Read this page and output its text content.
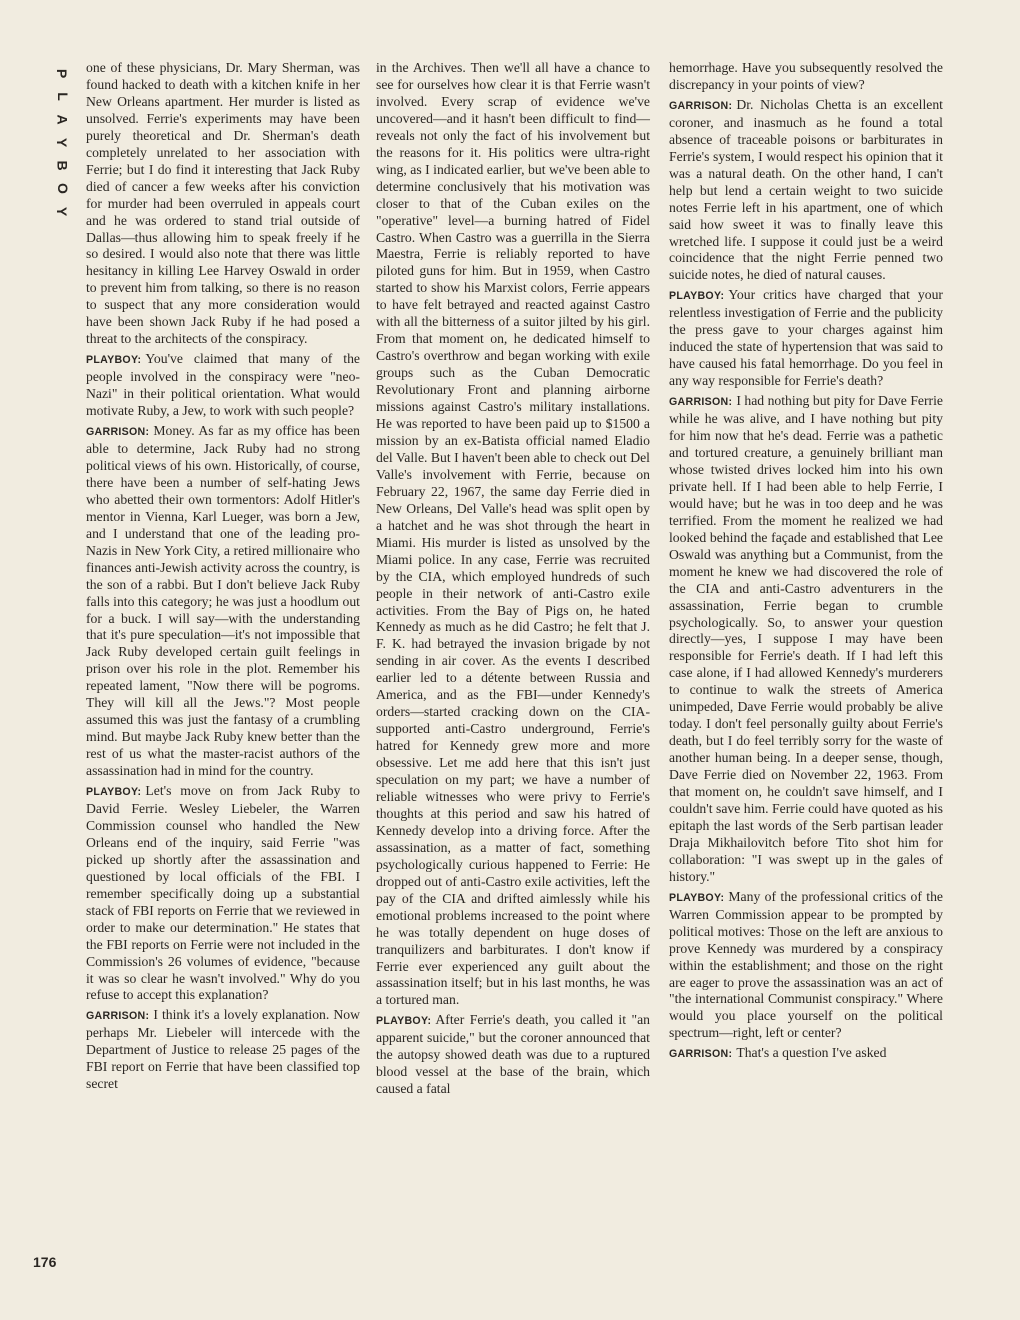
P
L
A
Y
B
O
Y

one of these physicians, Dr. Mary Sherman, was found hacked to death with a kitchen knife in her New Orleans apartment. Her murder is listed as unsolved. Ferrie's experiments may have been purely theoretical and Dr. Sherman's death completely unrelated to her association with Ferrie; but I do find it interesting that Jack Ruby died of cancer a few weeks after his conviction for murder had been overruled in appeals court and he was ordered to stand trial outside of Dallas—thus allowing him to speak freely if he so desired. I would also note that there was little hesitancy in killing Lee Harvey Oswald in order to prevent him from talking, so there is no reason to suspect that any more consideration would have been shown Jack Ruby if he had posed a threat to the architects of the conspiracy.

PLAYBOY: You've claimed that many of the people involved in the conspiracy were "neo-Nazi" in their political orientation. What would motivate Ruby, a Jew, to work with such people?

GARRISON: Money. As far as my office has been able to determine, Jack Ruby had no strong political views of his own. Historically, of course, there have been a number of self-hating Jews who abetted their own tormentors: Adolf Hitler's mentor in Vienna, Karl Lueger, was born a Jew, and I understand that one of the leading pro-Nazis in New York City, a retired millionaire who finances anti-Jewish activity across the country, is the son of a rabbi. But I don't believe Jack Ruby falls into this category; he was just a hoodlum out for a buck. I will say—with the understanding that it's pure speculation—it's not impossible that Jack Ruby developed certain guilt feelings in prison over his role in the plot. Remember his repeated lament, "Now there will be pogroms. They will kill all the Jews."? Most people assumed this was just the fantasy of a crumbling mind. But maybe Jack Ruby knew better than the rest of us what the master-racist authors of the assassination had in mind for the country.

PLAYBOY: Let's move on from Jack Ruby to David Ferrie. Wesley Liebeler, the Warren Commission counsel who handled the New Orleans end of the inquiry, said Ferrie "was picked up shortly after the assassination and questioned by local officials of the FBI. I remember specifically doing up a substantial stack of FBI reports on Ferrie that we reviewed in order to make our determination." He states that the FBI reports on Ferrie were not included in the Commission's 26 volumes of evidence, "because it was so clear he wasn't involved." Why do you refuse to accept this explanation?

GARRISON: I think it's a lovely explanation. Now perhaps Mr. Liebeler will intercede with the Department of Justice to release 25 pages of the FBI report on Ferrie that have been classified top secret

in the Archives. Then we'll all have a chance to see for ourselves how clear it is that Ferrie wasn't involved. Every scrap of evidence we've uncovered—and it hasn't been difficult to find—reveals not only the fact of his involvement but the reasons for it. His politics were ultra-right wing, as I indicated earlier, but we've been able to determine conclusively that his motivation was closer to that of the Cuban exiles on the "operative" level—a burning hatred of Fidel Castro. When Castro was a guerrilla in the Sierra Maestra, Ferrie is reliably reported to have piloted guns for him. But in 1959, when Castro started to show his Marxist colors, Ferrie appears to have felt betrayed and reacted against Castro with all the bitterness of a suitor jilted by his girl. From that moment on, he dedicated himself to Castro's overthrow and began working with exile groups such as the Cuban Democratic Revolutionary Front and planning airborne missions against Castro's military installations. He was reported to have been paid up to $1500 a mission by an ex-Batista official named Eladio del Valle. But I haven't been able to check out Del Valle's involvement with Ferrie, because on February 22, 1967, the same day Ferrie died in New Orleans, Del Valle's head was split open by a hatchet and he was shot through the heart in Miami. His murder is listed as unsolved by the Miami police. In any case, Ferrie was recruited by the CIA, which employed hundreds of such people in their network of anti-Castro exile activities. From the Bay of Pigs on, he hated Kennedy as much as he did Castro; he felt that J. F. K. had betrayed the invasion brigade by not sending in air cover. As the events I described earlier led to a détente between Russia and America, and as the FBI—under Kennedy's orders—started cracking down on the CIA-supported anti-Castro underground, Ferrie's hatred for Kennedy grew more and more obsessive. Let me add here that this isn't just speculation on my part; we have a number of reliable witnesses who were privy to Ferrie's thoughts at this period and saw his hatred of Kennedy develop into a driving force. After the assassination, as a matter of fact, something psychologically curious happened to Ferrie: He dropped out of anti-Castro exile activities, left the pay of the CIA and drifted aimlessly while his emotional problems increased to the point where he was totally dependent on huge doses of tranquilizers and barbiturates. I don't know if Ferrie ever experienced any guilt about the assassination itself; but in his last months, he was a tortured man.

PLAYBOY: After Ferrie's death, you called it "an apparent suicide," but the coroner announced that the autopsy showed death was due to a ruptured blood vessel at the base of the brain, which caused a fatal

hemorrhage. Have you subsequently resolved the discrepancy in your points of view?

GARRISON: Dr. Nicholas Chetta is an excellent coroner, and inasmuch as he found a total absence of traceable poisons or barbiturates in Ferrie's system, I would respect his opinion that it was a natural death. On the other hand, I can't help but lend a certain weight to two suicide notes Ferrie left in his apartment, one of which said how sweet it was to finally leave this wretched life. I suppose it could just be a weird coincidence that the night Ferrie penned two suicide notes, he died of natural causes.

PLAYBOY: Your critics have charged that your relentless investigation of Ferrie and the publicity the press gave to your charges against him induced the state of hypertension that was said to have caused his fatal hemorrhage. Do you feel in any way responsible for Ferrie's death?

GARRISON: I had nothing but pity for Dave Ferrie while he was alive, and I have nothing but pity for him now that he's dead. Ferrie was a pathetic and tortured creature, a genuinely brilliant man whose twisted drives locked him into his own private hell. If I had been able to help Ferrie, I would have; but he was in too deep and he was terrified. From the moment he realized we had looked behind the façade and established that Lee Oswald was anything but a Communist, from the moment he knew we had discovered the role of the CIA and anti-Castro adventurers in the assassination, Ferrie began to crumble psychologically. So, to answer your question directly—yes, I suppose I may have been responsible for Ferrie's death. If I had left this case alone, if I had allowed Kennedy's murderers to continue to walk the streets of America unimpeded, Dave Ferrie would probably be alive today. I don't feel personally guilty about Ferrie's death, but I do feel terribly sorry for the waste of another human being. In a deeper sense, though, Dave Ferrie died on November 22, 1963. From that moment on, he couldn't save himself, and I couldn't save him. Ferrie could have quoted as his epitaph the last words of the Serb partisan leader Draja Mikhailovitch before Tito shot him for collaboration: "I was swept up in the gales of history."

PLAYBOY: Many of the professional critics of the Warren Commission appear to be prompted by political motives: Those on the left are anxious to prove Kennedy was murdered by a conspiracy within the establishment; and those on the right are eager to prove the assassination was an act of "the international Communist conspiracy." Where would you place yourself on the political spectrum—right, left or center?

GARRISON: That's a question I've asked

176
